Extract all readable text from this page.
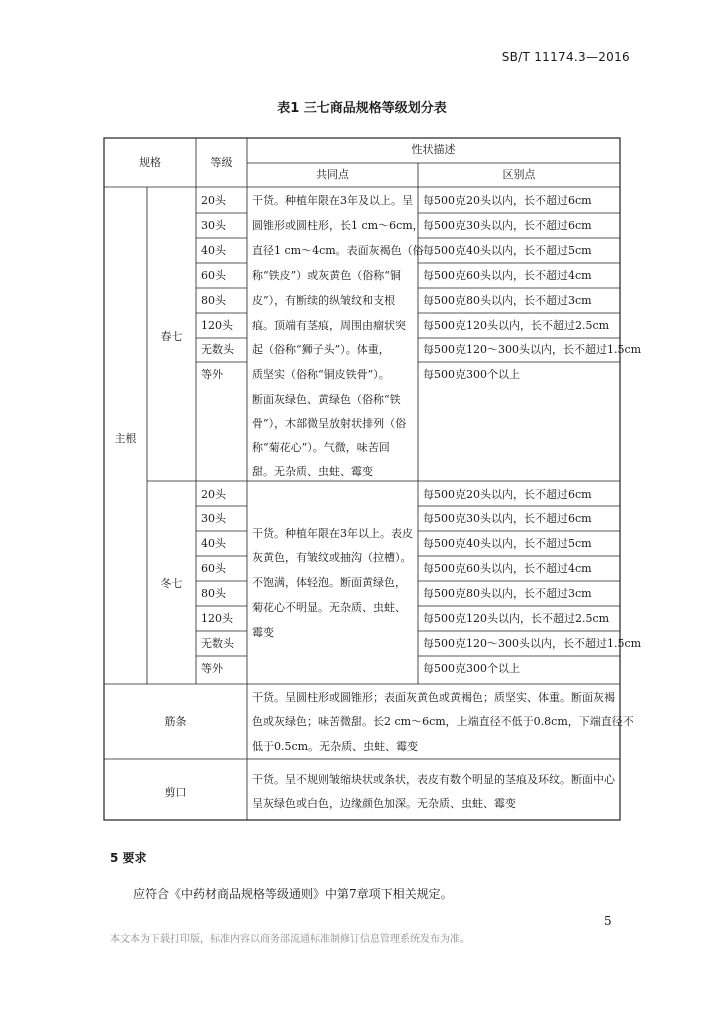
SB/T 11174.3—2016
表1 三七商品规格等级划分表
规格	等级
性状描述
共同点	区别点
主根
春七
冬七
20头
30头
40头
60头
80头
120头
无数头
等外
每500克20头以内，长不超过6cm
每500克30头以内，长不超过6cm
每500克40头以内，长不超过5cm
每500克60头以内，长不超过4cm
每500克80头以内，长不超过3cm
每500克120头以内，长不超过2.5cm
每500克120～300头以内，长不超过1.5cm
每500克300个以上
干货。种植年限在3年及以上。呈
圆锥形或圆柱形，长1 cm～6cm，
直径1 cm～4cm。表面灰褐色（俗
称“铁皮”）或灰黄色（俗称“铜
皮”），有断续的纵皱纹和支根
痕。顶端有茎痕，周围由瘤状突
起（俗称“狮子头”）。体重，
质坚实（俗称“铜皮铁骨”）。
断面灰绿色、黄绿色（俗称“铁
骨”），木部微呈放射状排列（俗
称“菊花心”）。气微，味苦回
甜。无杂质、虫蛀、霉变
20头
30头
40头
60头
80头
120头
无数头
等外
每500克20头以内，长不超过6cm
每500克30头以内，长不超过6cm
每500克40头以内，长不超过5cm
每500克60头以内，长不超过4cm
每500克80头以内，长不超过3cm
每500克120头以内，长不超过2.5cm
每500克120～300头以内，长不超过1.5cm
每500克300个以上
干货。种植年限在3年以上。表皮
灰黄色，有皱纹或抽沟（拉槽）。
不饱满，体轻泡。断面黄绿色，
菊花心不明显。无杂质、虫蛀、
霉变
筋条
干货。呈圆柱形或圆锥形；表面灰黄色或黄褐色；质坚实、体重。断面灰褐
色或灰绿色；味苦微甜。长2 cm～6cm，上端直径不低于0.8cm，下端直径不
低于0.5cm。无杂质、虫蛀、霉变
剪口
干货。呈不规则皱缩块状或条状，表皮有数个明显的茎痕及环纹。断面中心
呈灰绿色或白色，边缘颜色加深。无杂质、虫蛀、霉变
5 要求
应符合《中药材商品规格等级通则》中第7章项下相关规定。
5
本文本为下载打印版，标准内容以商务部流通标准制修订信息管理系统发布为准。
